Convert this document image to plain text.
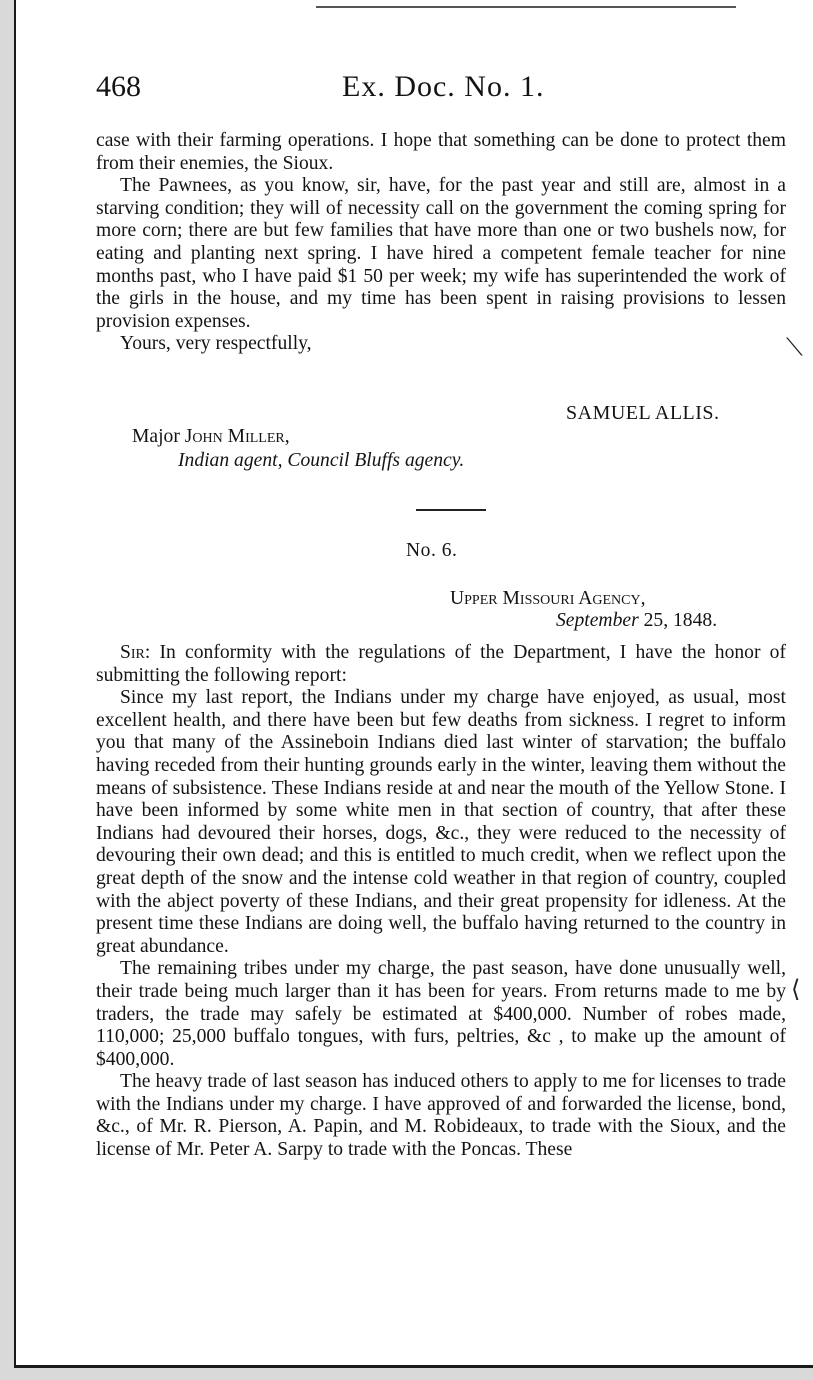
468	Ex. Doc. No. 1.

case with their farming operations. I hope that something can be done to protect them from their enemies, the Sioux.

The Pawnees, as you know, sir, have, for the past year and still are, almost in a starving condition; they will of necessity call on the government the coming spring for more corn; there are but few families that have more than one or two bushels now, for eating and planting next spring. I have hired a competent female teacher for nine months past, who I have paid $1 50 per week; my wife has superintended the work of the girls in the house, and my time has been spent in raising provisions to lessen provision expenses.

Yours, very respectfully,

SAMUEL ALLIS.
Major John Miller,
Indian agent, Council Bluffs agency.
No. 6.
Upper Missouri Agency,
September 25, 1848.

Sir: In conformity with the regulations of the Department, I have the honor of submitting the following report:

Since my last report, the Indians under my charge have enjoyed, as usual, most excellent health, and there have been but few deaths from sickness. I regret to inform you that many of the Assineboin Indians died last winter of starvation; the buffalo having receded from their hunting grounds early in the winter, leaving them without the means of subsistence. These Indians reside at and near the mouth of the Yellow Stone. I have been informed by some white men in that section of country, that after these Indians had devoured their horses, dogs, &c., they were reduced to the necessity of devouring their own dead; and this is entitled to much credit, when we reflect upon the great depth of the snow and the intense cold weather in that region of country, coupled with the abject poverty of these Indians, and their great propensity for idleness. At the present time these Indians are doing well, the buffalo having returned to the country in great abundance.

The remaining tribes under my charge, the past season, have done unusually well, their trade being much larger than it has been for years. From returns made to me by traders, the trade may safely be estimated at $400,000. Number of robes made, 110,000; 25,000 buffalo tongues, with furs, peltries, &c , to make up the amount of $400,000.

The heavy trade of last season has induced others to apply to me for licenses to trade with the Indians under my charge. I have approved of and forwarded the license, bond, &c., of Mr. R. Pierson, A. Papin, and M. Robideaux, to trade with the Sioux, and the license of Mr. Peter A. Sarpy to trade with the Poncas. These

⟍
⟨
